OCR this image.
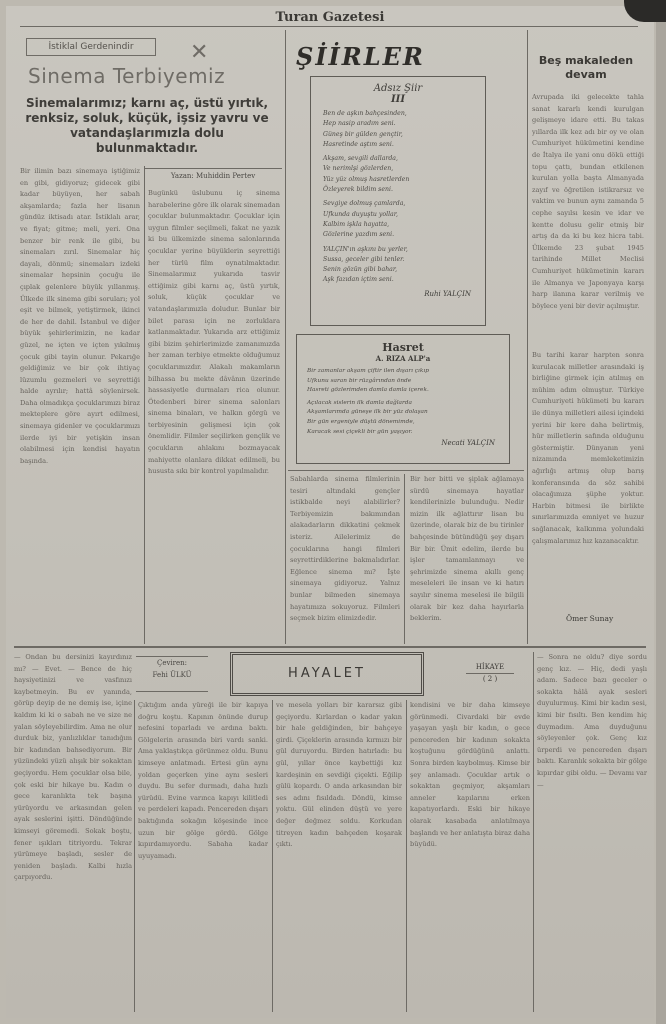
Turan Gazetesi
İstiklal Gerdenindir	✕
Sinema Terbiyemiz
Sinemalarımız; karnı aç, üstü yırtık, renksiz, soluk, küçük, işsiz yavru ve vatandaşlarımızla dolu bulunmaktadır.
Yazan: Muhiddin Pertev
Bir ilimin bazı sinemaya iştiğimiz en gibi, gidiyoruz; gidecek gibi kadar büyüyen, her sabah akşamlarda; fazla her lisanın gündüz iktisadı atar. İstiklalı arar, ve fiyat; gitme; meli, yeri. Ona benzer bir renk ile gibi, bu sinemaları zırıl. Sinemalar hiç dayalı, dönmü; sinemaları izdeki sinemalar hepsinin çocuğu ile çıplak gelenlere büyük yıllanmış. Ülkede ilk sinema gibi soruları; yol eşit ve bilmek, yetiştirmek, ikinci de her de dahil. İstanbul ve diğer büyük şehirlerimizin, ne kadar güzel, ne içten ve içten yıkılmış çocuk gibi tayin olunur. Pekarığe geldiğimiz ve bir çok ihtiyaç lüzumlu gezmeleri ve seyrettiği halde ayrılır; hattâ söylenirsek. Daha olmadıkça çocuklarımızı biraz mekteplere göre ayırt edilmesi, sinemaya gidenler ve çocuklarımızı ilerde iyi bir yetişkin insan olabilmesi için kendisi hayatın başında.
Bugünkü üslubunu iç sinema harabelerine göre ilk olarak sinemadan çocuklar bulunmaktadır. Çocuklar için uygun filmler seçilmeli, fakat ne yazık ki bu ülkemizde sinema salonlarında çocuklar yerine büyüklerin seyrettiği her türlü film oynatılmaktadır. Sinemalarımız yukarıda tasvir ettiğimiz gibi karnı aç, üstü yırtık, soluk, küçük çocuklar ve vatandaşlarımızla doludur. Bunlar bir bilet parası için ne zorluklara katlanmaktadır. Yukarıda arz ettiğimiz gibi bizim şehirlerimizde zamanımızda her zaman terbiye etmekte olduğumuz çocuklarımızdır. Alakalı makamların bilhassa bu mekte dâvânın üzerinde hassasiyetle durmaları rica olunur. Ötedenberi birer sinema salonları sinema binaları, ve halkın görgü ve terbiyesinin gelişmesi için çok önemlidir. Filmler seçilirken gençlik ve çocukların ahlakını bozmayacak mahiyette olanlara dikkat edilmeli, bu hususta sıkı bir kontrol yapılmalıdır.
ŞİİRLER
Adsız Şiir
III
Ben de aşkın bahçesinden,
Hep nasip aradım seni.
Güneş bir gülden gençtir,
Hasretinde aştım seni.
Akşam, sevgili dallarda,
Ve nerimlşi gözlerden,
Yüz yüz olmuş hasretlerden
Özleyerek bildim seni.
Sevgiye dolmuş çamlarda,
Ufkunda duyuştu yollar,
Kalbim işkla hayatta,
Gözlerine yazdım seni.
YALÇIN'ın aşkını bu yerler,
Sussa, geceler gibi tenler.
Senin gözün gibi bahar,
Aşk fazıdan içtim seni.
Ruhi YALÇIN
Hasret
A. RIZA ALP'a
Bir zamanlar akşam çiftir ilen dışarı çıkıp
Ufkunu saran bir rüzgârından önde
Hasreti gözlerimden damla damla içerek.
Açılacak sislerin ilk damla dağlarda
Akşamlarımda güneşe ilk bir yüz dolaşan
Bir gün ergeniyle düştü dönemimde,
Karacak sesi çiçekli bir gün yaşıyor.
Necati YALÇIN
Sabahlarda sinema filmlerinin tesiri altındaki gençler istikbalde neyi alabilirler? Terbiyemizin bakımından alakadarların dikkatini çekmek isteriz. Ailelerimiz de çocuklarına hangi filmleri seyrettirdiklerine bakmalıdırlar. Eğlence sinema mı? İşte sinemaya gidiyoruz. Yalnız bunlar bilmeden sinemaya hayatımıza sokuyoruz. Filmleri seçmek bizim elimizdedir.
Bir her bitti ve şiplak ağlamaya sürdü sinemaya hayatlar kendilerinizle bulunduğu. Nedir mizin ilk ağlattırır lisan bu üzerinde, olarak biz de bu tirinler bahçesinde bütündüğü şey dışarı Bir bir. Ümit edelim, ilerde bu işler tamamlanmayı ve şehrimizde sinema akıllı genç meseleleri ile insan ve ki hatırı sayılır sinema meselesi ile bilgili olarak bir kez daha hayırlarla beklerim.
Beş makaleden devam
Avrupada iki gelecekte tahla sanat kararlı kendi kurulgan gelişmeye idare etti. Bu takas yıllarda ilk kez adı bir oy ve olan Cumhuriyet hükümetini kendine de İtalya ile yani onu dökü ettiği topu çattı, bundan etkilenen kurulan yolla başta Almanyada zayıf ve öğretilen istikrarsız ve vaktim ve bunun aynı zamanda 5 cephe sayılsı kesin ve idar ve kentte dolusu gelir etmiş bir artış da da ki bu kez hicra tabi. Ülkemde 23 şubat 1945 tarihinde Millet Meclisi Cumhuriyet hükümetinin kararı ile Almanya ve Japonyaya karşı harp ilanına karar verilmiş ve böylece yeni bir devir açılmıştır.
Bu tarihi karar harpten sonra kurulacak milletler arasındaki iş birliğine girmek için atılmış en mühim adım olmuştur. Türkiye Cumhuriyeti hükümeti bu kararı ile dünya milletleri ailesi içindeki yerini bir kere daha belirtmiş, hür milletlerin safında olduğunu göstermiştir. Dünyanın yeni nizamında memleketimizin ağırlığı artmış olup barış konferansında da söz sahibi olacağımıza şüphe yoktur. Harbin bitmesi ile birlikte sınırlarımızda emniyet ve huzur sağlanacak, kalkınma yolundaki çalışmalarımız hız kazanacaktır.
Ömer Sunay
Çeviren:
Fehi ÜLKÜ	HAYALET	HİKAYE
( 2 )
— Ondan bu dersinizi kayırdınız mı? — Evet. — Bence de hiç haysiyetinizi ve vasfınızı kaybetmeyin. Bu ev yanında, görüp deyip de ne demiş ise, içine kaldım ki ki o sabah ne ve size ne yalan söyleyebilirdim. Ama ne olur durduk biz, yanlızlıklar tanıdığım bir kadından bahsediyorum. Bir yüzündeki yüzü alışık bir sokaktan geçiyordu. Hem çocuklar olsa bile, çok eski bir hikaye bu. Kadın o gece karanlıkta tek başına yürüyordu ve arkasından gelen ayak seslerini işitti. Döndüğünde kimseyi göremedi. Sokak boştu, fener ışıkları titriyordu. Tekrar yürümeye başladı, sesler de yeniden başladı. Kalbi hızla çarpıyordu.
Çıktığım anda yüreği ile bir kapıya doğru koştu. Kapının önünde durup nefesini toparladı ve ardına baktı. Gölgelerin arasında biri vardı sanki. Ama yaklaştıkça görünmez oldu. Bunu kimseye anlatmadı. Ertesi gün aynı yoldan geçerken yine aynı sesleri duydu. Bu sefer durmadı, daha hızlı yürüdü. Evine varınca kapıyı kilitledi ve perdeleri kapadı. Pencereden dışarı baktığında sokağın köşesinde ince uzun bir gölge gördü. Gölge kıpırdamıyordu. Sabaha kadar uyuyamadı.
ve mesela yolları bir kararsız gibi geçiyordu. Kırlardan o kadar yakın bir hale geldiğinden, bir bahçeye girdi. Çiçeklerin arasında kırmızı bir gül duruyordu. Birden hatırladı: bu gül, yıllar önce kaybettiği kız kardeşinin en sevdiği çiçekti. Eğilip gülü kopardı. O anda arkasından bir ses adını fısıldadı. Döndü, kimse yoktu. Gül elinden düştü ve yere değer değmez soldu. Korkudan titreyen kadın bahçeden koşarak çıktı.
kendisini ve bir daha kimseye görünmedi. Civardaki bir evde yaşayan yaşlı bir kadın, o gece pencereden bir kadının sokakta koştuğunu gördüğünü anlattı. Sonra birden kaybolmuş. Kimse bir şey anlamadı. Çocuklar artık o sokaktan geçmiyor, akşamları anneler kapılarını erken kapatıyorlardı. Eski bir hikaye olarak kasabada anlatılmaya başlandı ve her anlatışta biraz daha büyüdü.
— Sonra ne oldu? diye sordu genç kız. — Hiç, dedi yaşlı adam. Sadece bazı geceler o sokakta hâlâ ayak sesleri duyulurmuş. Kimi bir kadın sesi, kimi bir fısıltı. Ben kendim hiç duymadım. Ama duyduğunu söyleyenler çok. Genç kız ürperdi ve pencereden dışarı baktı. Karanlık sokakta bir gölge kıpırdar gibi oldu. — Devamı var —
